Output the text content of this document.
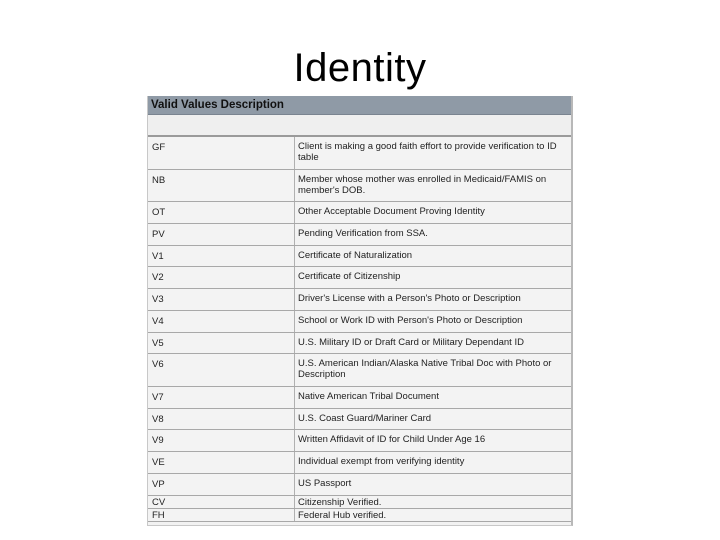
Identity
Valid Values Description
GF	Client is making a good faith effort to provide verification to ID table
NB	Member whose mother was enrolled in Medicaid/FAMIS on member's DOB.
OT	Other Acceptable Document Proving Identity
PV	Pending Verification from SSA.
V1	Certificate of Naturalization
V2	Certificate of Citizenship
V3	Driver's License with a Person's Photo or Description
V4	School or Work ID with Person's Photo or Description
V5	U.S. Military ID or Draft Card or Military Dependant ID
V6	U.S. American Indian/Alaska Native Tribal Doc with Photo or Description
V7	Native American Tribal Document
V8	U.S. Coast Guard/Mariner Card
V9	Written Affidavit of ID for Child Under Age 16
VE	Individual exempt from verifying identity
VP	US Passport
CV	Citizenship Verified.
FH	Federal Hub verified.
